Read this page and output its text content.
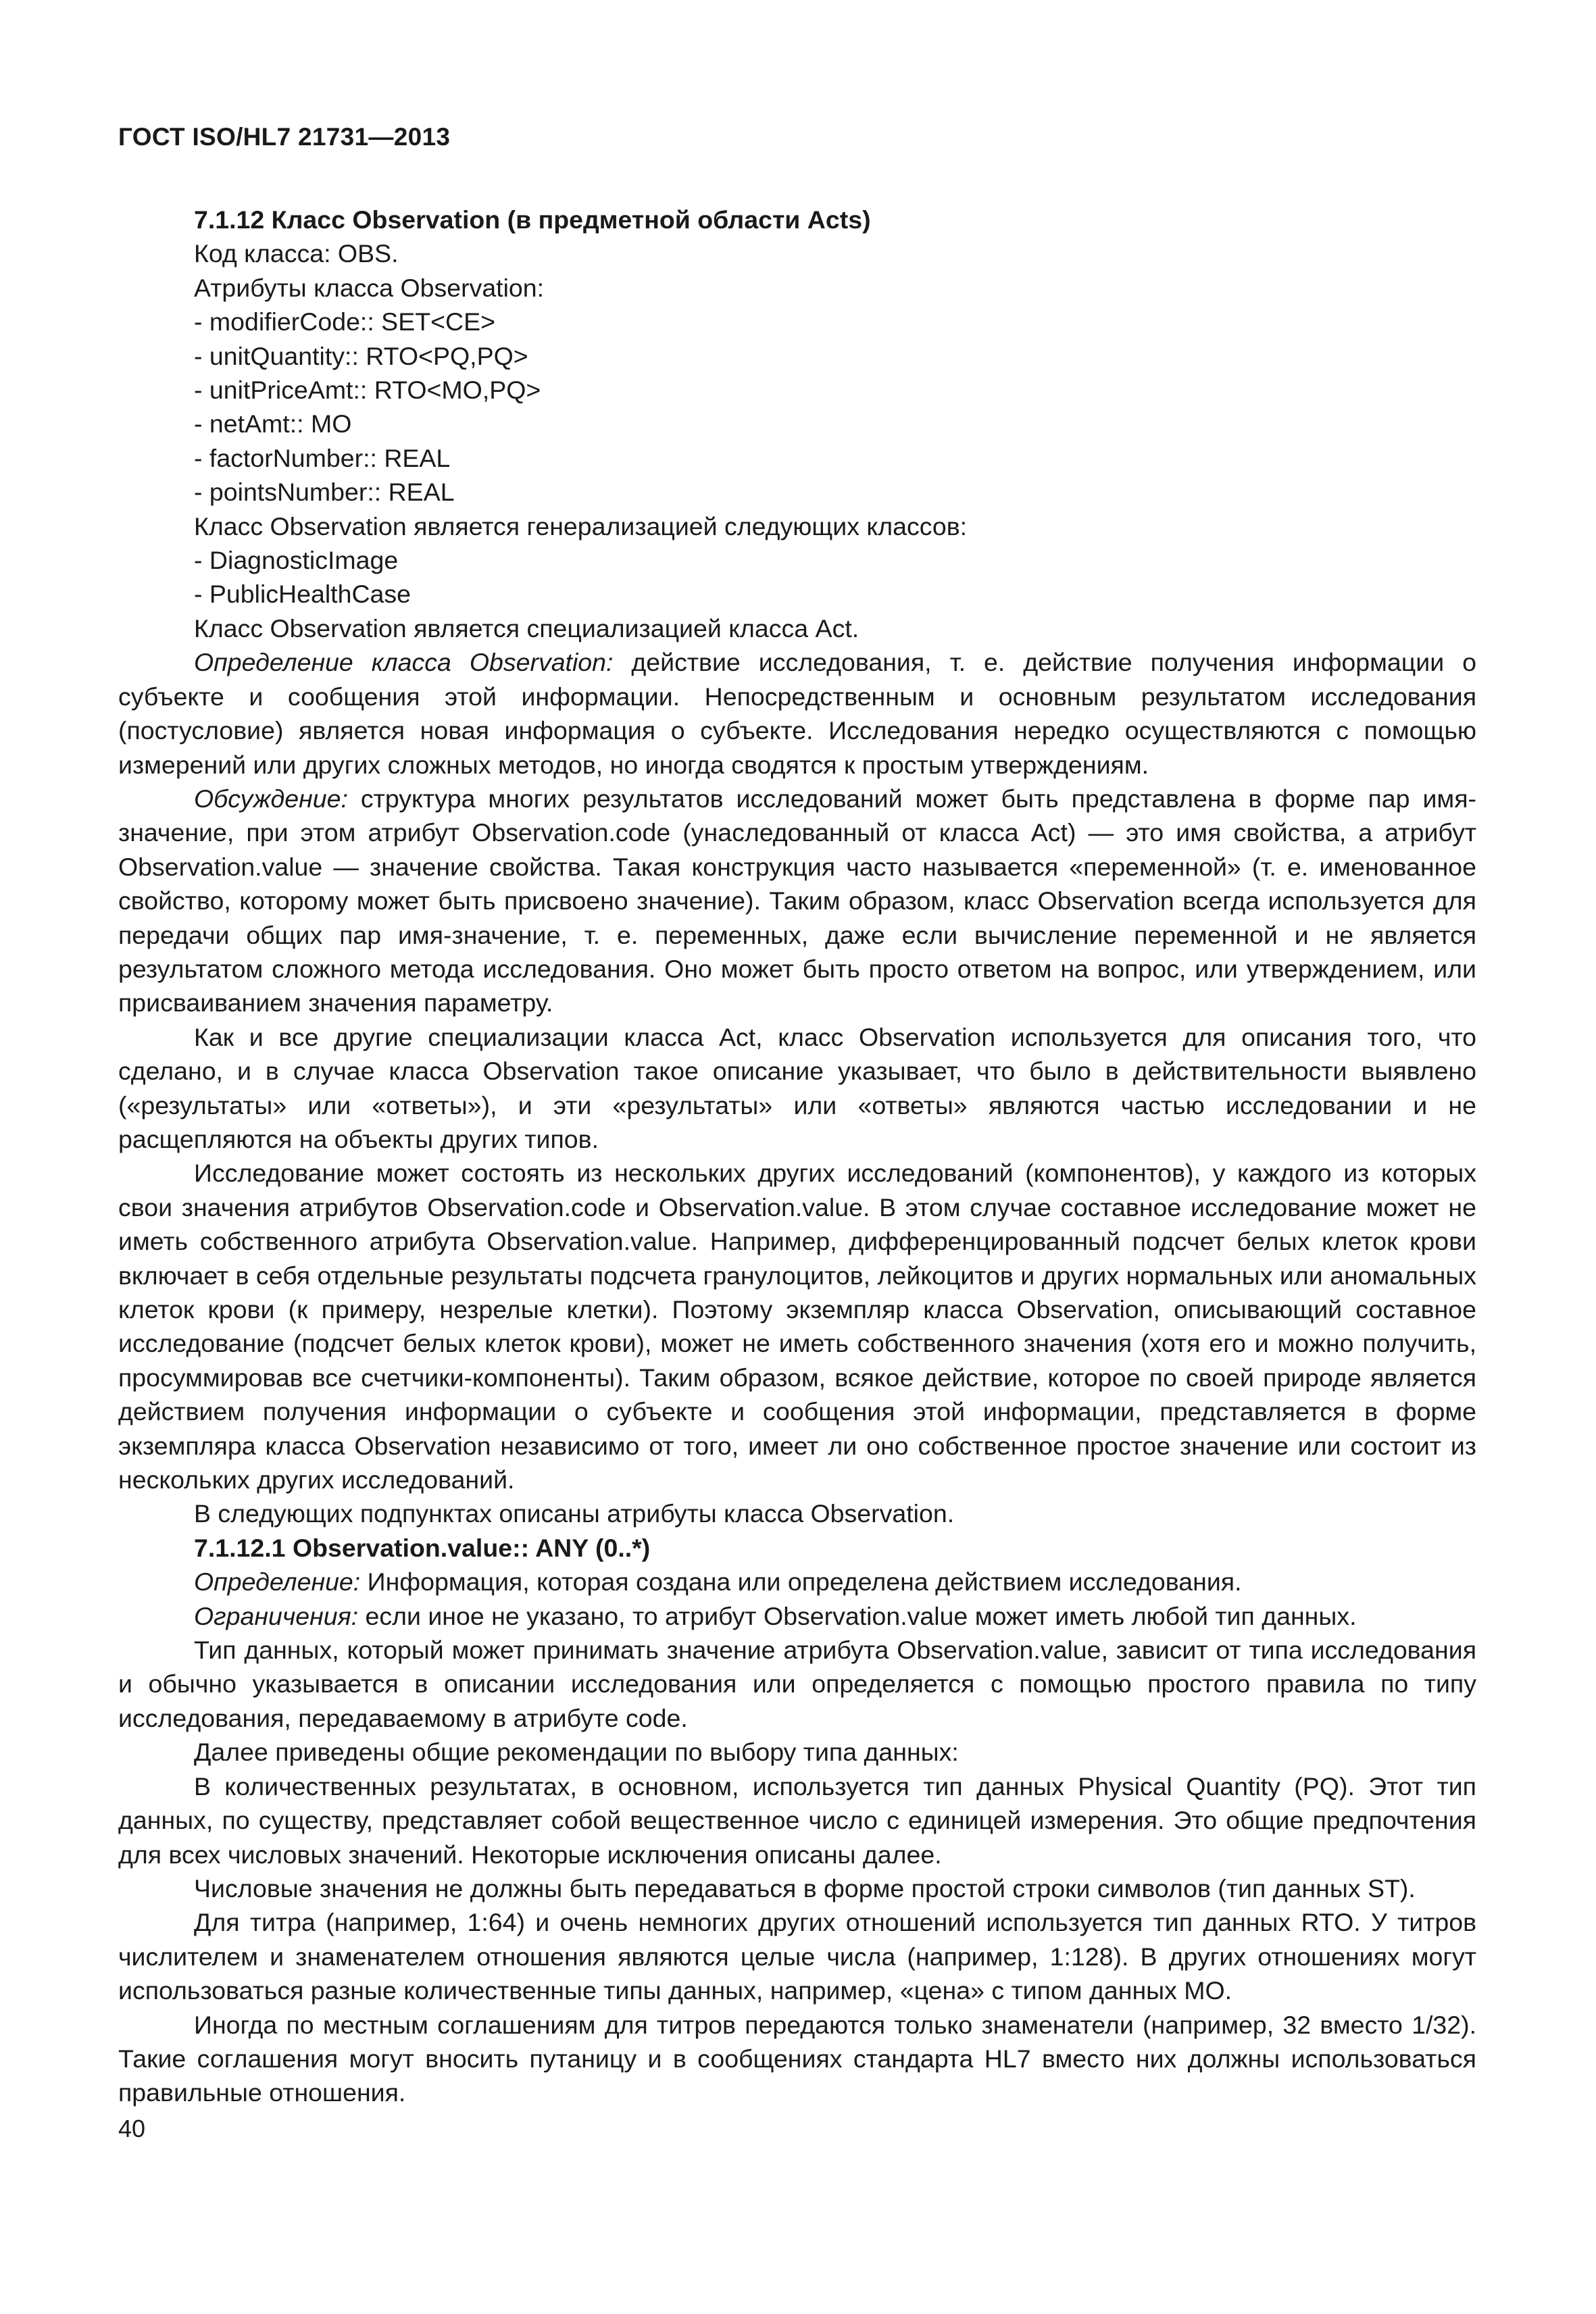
ГОСТ ISO/HL7 21731—2013

7.1.12 Класс Observation (в предметной области Acts)

Код класса: OBS.

Атрибуты класса Observation:

- modifierCode:: SET<CE>

- unitQuantity:: RTO<PQ,PQ>

- unitPriceAmt:: RTO<MO,PQ>

- netAmt:: MO

- factorNumber:: REAL

- pointsNumber:: REAL

Класс Observation является генерализацией следующих классов:

- DiagnosticImage

- PublicHealthCase

Класс Observation является специализацией класса Act.

Определение класса Observation: действие исследования, т. е. действие получения информации о субъекте и сообщения этой информации. Непосредственным и основным результатом исследования (постусловие) является новая информация о субъекте. Исследования нередко осуществляются с помощью измерений или других сложных методов, но иногда сводятся к простым утверждениям.

Обсуждение: структура многих результатов исследований может быть представлена в форме пар имя-значение, при этом атрибут Observation.code (унаследованный от класса Act) — это имя свойства, а атрибут Observation.value — значение свойства. Такая конструкция часто называется «переменной» (т. е. именованное свойство, которому может быть присвоено значение). Таким образом, класс Observation всегда используется для передачи общих пар имя-значение, т. е. переменных, даже если вычисление переменной и не является результатом сложного метода исследования. Оно может быть просто ответом на вопрос, или утверждением, или присваиванием значения параметру.

Как и все другие специализации класса Act, класс Observation используется для описания того, что сделано, и в случае класса Observation такое описание указывает, что было в действительности выявлено («результаты» или «ответы»), и эти «результаты» или «ответы» являются частью исследовании и не расщепляются на объекты других типов.

Исследование может состоять из нескольких других исследований (компонентов), у каждого из которых свои значения атрибутов Observation.code и Observation.value. В этом случае составное исследование может не иметь собственного атрибута Observation.value. Например, дифференцированный подсчет белых клеток крови включает в себя отдельные результаты подсчета гранулоцитов, лейкоцитов и других нормальных или аномальных клеток крови (к примеру, незрелые клетки). Поэтому экземпляр класса Observation, описывающий составное исследование (подсчет белых клеток крови), может не иметь собственного значения (хотя его и можно получить, просуммировав все счетчики-компоненты). Таким образом, всякое действие, которое по своей природе является действием получения информации о субъекте и сообщения этой информации, представляется в форме экземпляра класса Observation независимо от того, имеет ли оно собственное простое значение или состоит из нескольких других исследований.

В следующих подпунктах описаны атрибуты класса Observation.

7.1.12.1 Observation.value:: ANY (0..*)

Определение: Информация, которая создана или определена действием исследования.

Ограничения: если иное не указано, то атрибут Observation.value может иметь любой тип данных.

Тип данных, который может принимать значение атрибута Observation.value, зависит от типа исследования и обычно указывается в описании исследования или определяется с помощью простого правила по типу исследования, передаваемому в атрибуте code.

Далее приведены общие рекомендации по выбору типа данных:

В количественных результатах, в основном, используется тип данных Physical Quantity (PQ). Этот тип данных, по существу, представляет собой вещественное число с единицей измерения. Это общие предпочтения для всех числовых значений. Некоторые исключения описаны далее.

Числовые значения не должны быть передаваться в форме простой строки символов (тип данных ST).

Для титра (например, 1:64) и очень немногих других отношений используется тип данных RTO. У титров числителем и знаменателем отношения являются целые числа (например, 1:128). В других отношениях могут использоваться разные количественные типы данных, например, «цена» с типом данных MO.

Иногда по местным соглашениям для титров передаются только знаменатели (например, 32 вместо 1/32). Такие соглашения могут вносить путаницу и в сообщениях стандарта HL7 вместо них должны использоваться правильные отношения.

40
